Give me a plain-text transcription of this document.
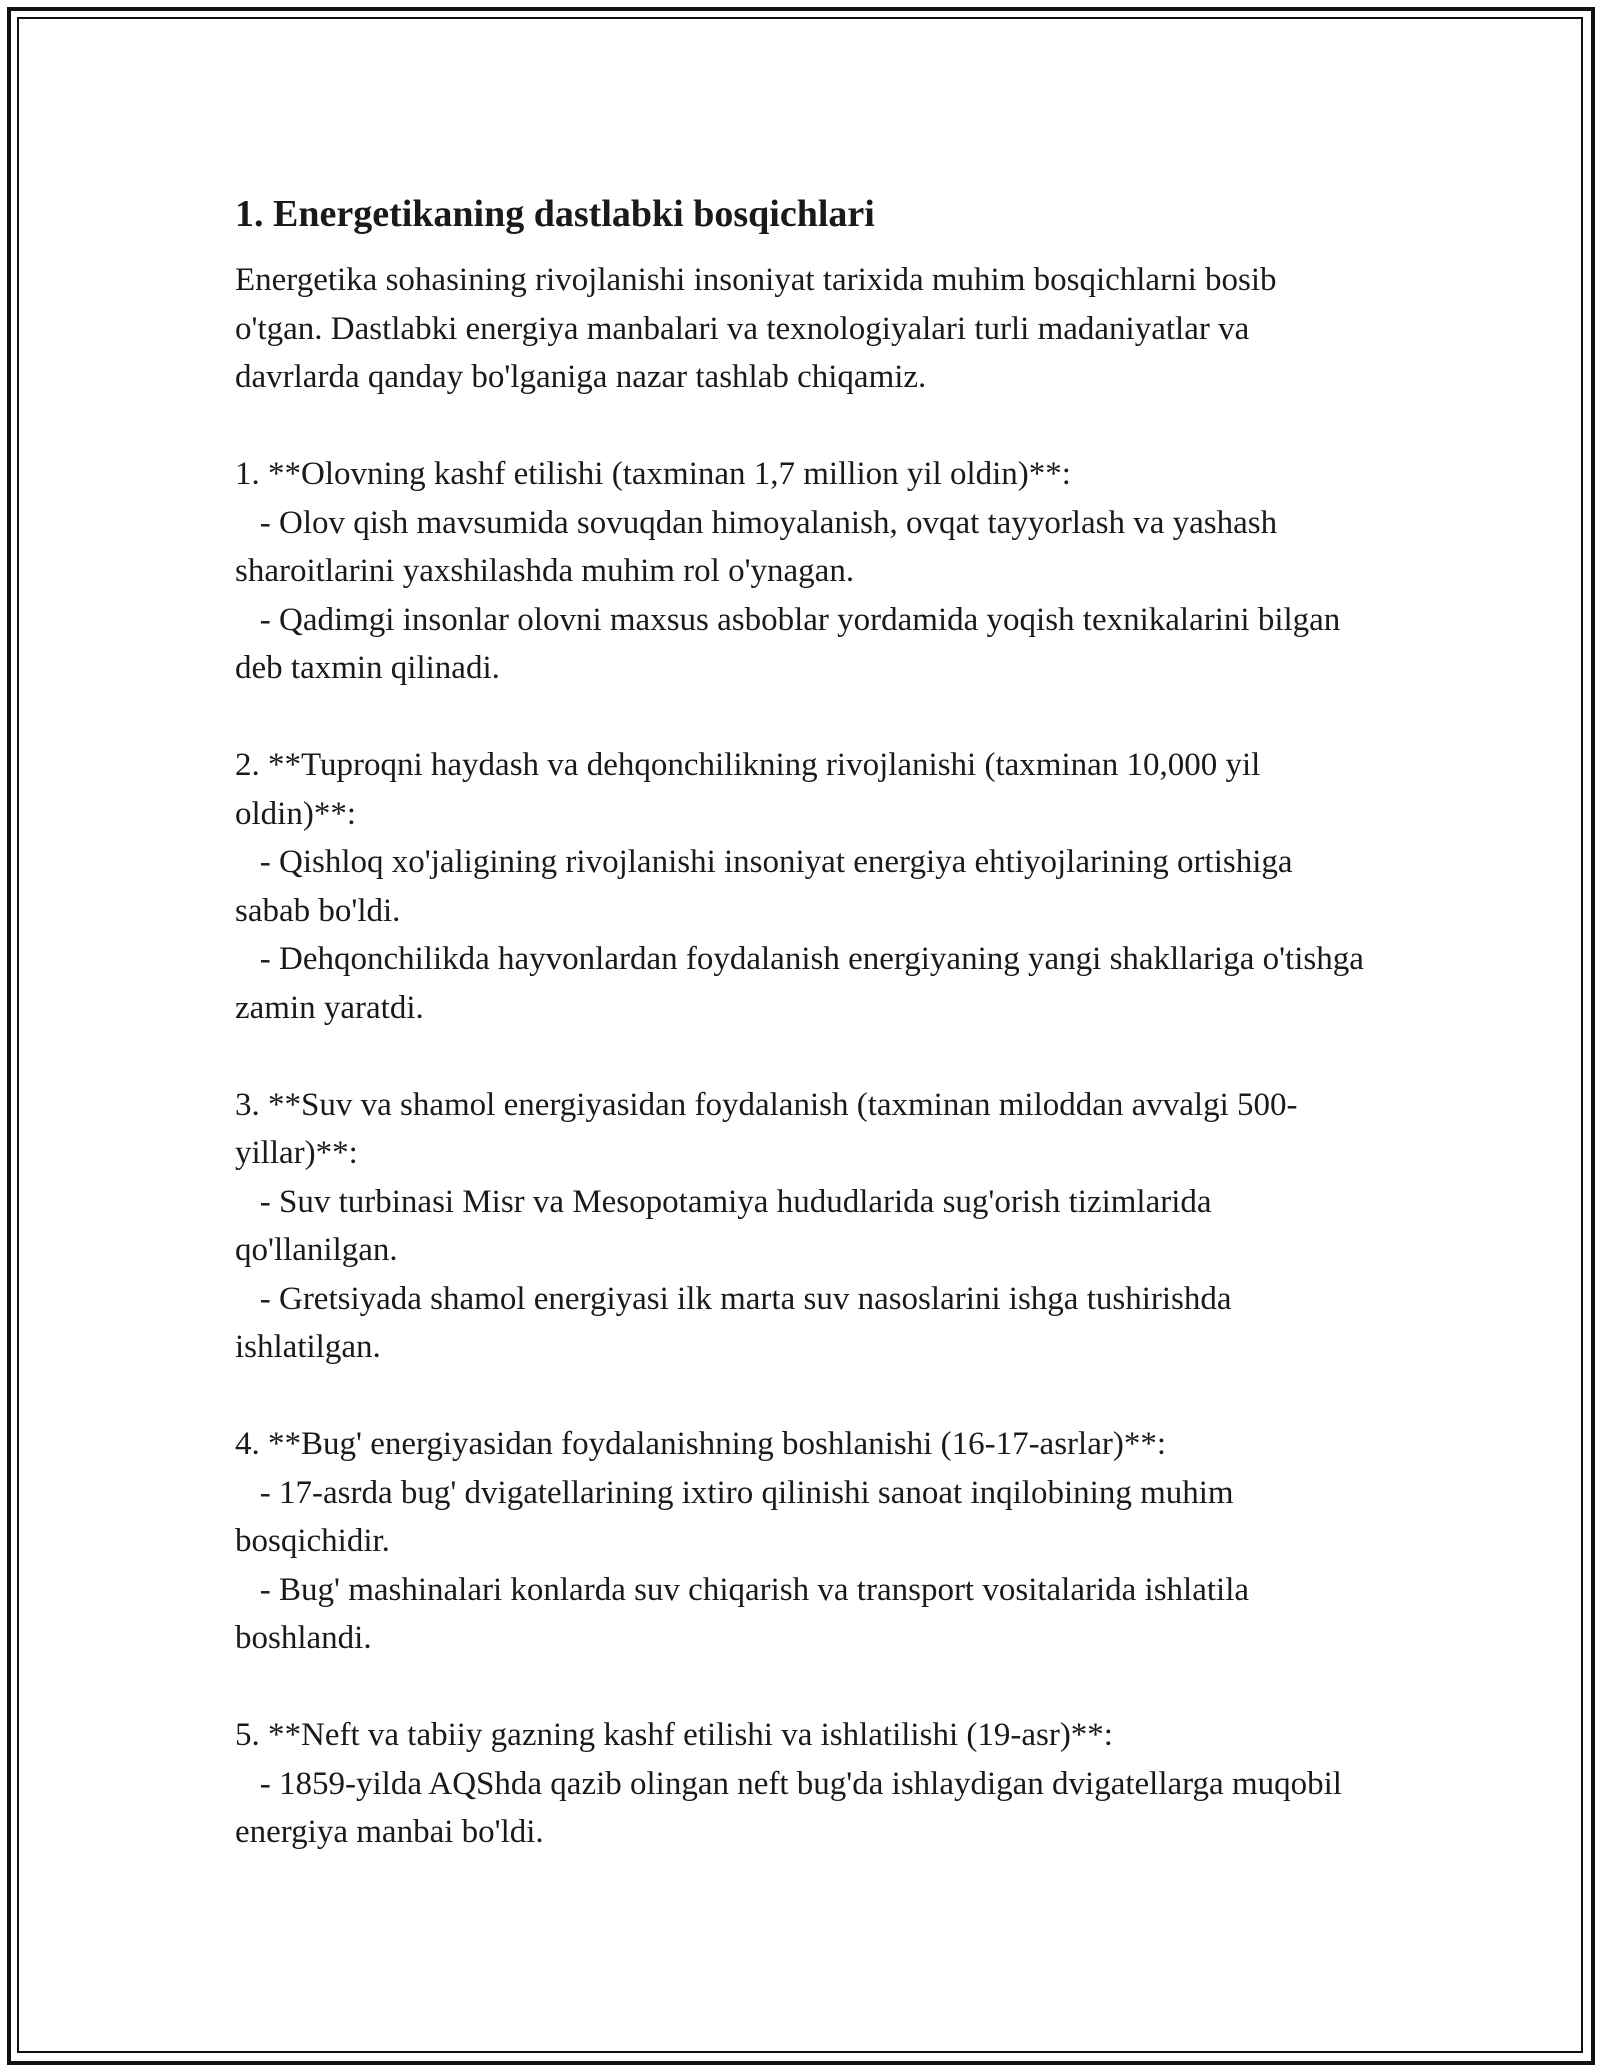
1. Energetikaning dastlabki bosqichlari

Energetika sohasining rivojlanishi insoniyat tarixida muhim bosqichlarni bosib o'tgan. Dastlabki energiya manbalari va texnologiyalari turli madaniyatlar va davrlarda qanday bo'lganiga nazar tashlab chiqamiz.

1. **Olovning kashf etilishi (taxminan 1,7 million yil oldin)**:

- Olov qish mavsumida sovuqdan himoyalanish, ovqat tayyorlash va yashash sharoitlarini yaxshilashda muhim rol o'ynagan.

- Qadimgi insonlar olovni maxsus asboblar yordamida yoqish texnikalarini bilgan deb taxmin qilinadi.

2. **Tuproqni haydash va dehqonchilikning rivojlanishi (taxminan 10,000 yil oldin)**:

- Qishloq xo'jaligining rivojlanishi insoniyat energiya ehtiyojlarining ortishiga sabab bo'ldi.

- Dehqonchilikda hayvonlardan foydalanish energiyaning yangi shakllariga o'tishga zamin yaratdi.

3. **Suv va shamol energiyasidan foydalanish (taxminan miloddan avvalgi 500-yillar)**:

- Suv turbinasi Misr va Mesopotamiya hududlarida sug'orish tizimlarida qo'llanilgan.

- Gretsiyada shamol energiyasi ilk marta suv nasoslarini ishga tushirishda ishlatilgan.

4. **Bug' energiyasidan foydalanishning boshlanishi (16-17-asrlar)**:

- 17-asrda bug' dvigatellarining ixtiro qilinishi sanoat inqilobining muhim bosqichidir.

- Bug' mashinalari konlarda suv chiqarish va transport vositalarida ishlatila boshlandi.

5. **Neft va tabiiy gazning kashf etilishi va ishlatilishi (19-asr)**:

- 1859-yilda AQShda qazib olingan neft bug'da ishlaydigan dvigatellarga muqobil energiya manbai bo'ldi.
